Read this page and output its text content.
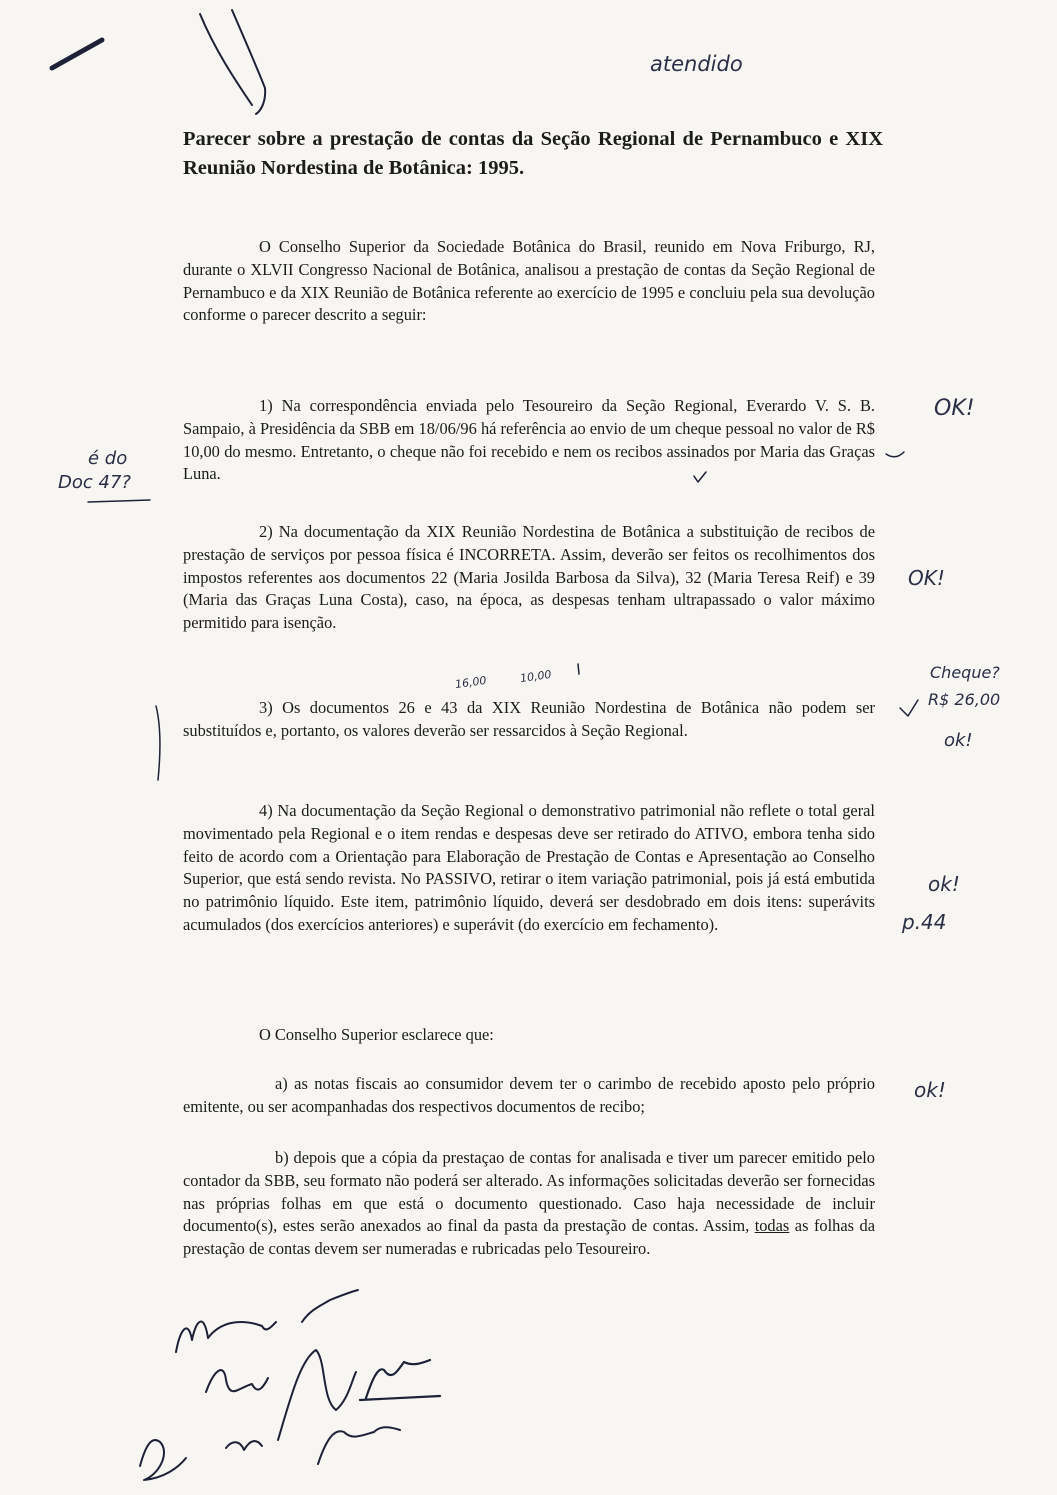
Parecer sobre a prestação de contas da Seção Regional de Pernambuco e XIX Reunião Nordestina de Botânica: 1995.
O Conselho Superior da Sociedade Botânica do Brasil, reunido em Nova Friburgo, RJ, durante o XLVII Congresso Nacional de Botânica, analisou a prestação de contas da Seção Regional de Pernambuco e da XIX Reunião de Botânica referente ao exercício de 1995 e concluiu pela sua devolução conforme o parecer descrito a seguir:
1) Na correspondência enviada pelo Tesoureiro da Seção Regional, Everardo V. S. B. Sampaio, à Presidência da SBB em 18/06/96 há referência ao envio de um cheque pessoal no valor de R$ 10,00 do mesmo. Entretanto, o cheque não foi recebido e nem os recibos assinados por Maria das Graças Luna.
2) Na documentação da XIX Reunião Nordestina de Botânica a substituição de recibos de prestação de serviços por pessoa física é INCORRETA. Assim, deverão ser feitos os recolhimentos dos impostos referentes aos documentos 22 (Maria Josilda Barbosa da Silva), 32 (Maria Teresa Reif) e 39 (Maria das Graças Luna Costa), caso, na época, as despesas tenham ultrapassado o valor máximo permitido para isenção.
3) Os documentos 26 e 43 da XIX Reunião Nordestina de Botânica não podem ser substituídos e, portanto, os valores deverão ser ressarcidos à Seção Regional.
4) Na documentação da Seção Regional o demonstrativo patrimonial não reflete o total geral movimentado pela Regional e o item rendas e despesas deve ser retirado do ATIVO, embora tenha sido feito de acordo com a Orientação para Elaboração de Prestação de Contas e Apresentação ao Conselho Superior, que está sendo revista. No PASSIVO, retirar o item variação patrimonial, pois já está embutida no patrimônio líquido. Este item, patrimônio líquido, deverá ser desdobrado em dois itens: superávits acumulados (dos exercícios anteriores) e superávit (do exercício em fechamento).
O Conselho Superior esclarece que:
a) as notas fiscais ao consumidor devem ter o carimbo de recebido aposto pelo próprio emitente, ou ser acompanhadas dos respectivos documentos de recibo;
b) depois que a cópia da prestaçao de contas for analisada e tiver um parecer emitido pelo contador da SBB, seu formato não poderá ser alterado. As informações solicitadas deverão ser fornecidas nas próprias folhas em que está o documento questionado. Caso haja necessidade de incluir documento(s), estes serão anexados ao final da pasta da prestação de contas. Assim, todas as folhas da prestação de contas devem ser numeradas e rubricadas pelo Tesoureiro.
atendido
é do
Doc 47?
OK!
OK!
Cheque?
R$ 26,00
ok!
ok!
p.44
ok!
16,00	10,00
